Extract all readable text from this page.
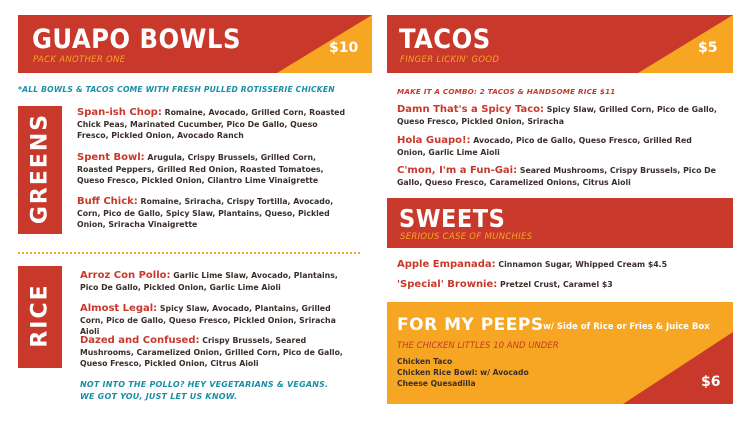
GUAPO BOWLS
PACK ANOTHER ONE
$10
*ALL BOWLS & TACOS COME WITH FRESH PULLED ROTISSERIE CHICKEN
GREENS
Span-ish Chop: Romaine, Avocado, Grilled Corn, Roasted Chick Peas, Marinated Cucumber, Pico De Gallo, Queso Fresco, Pickled Onion, Avocado Ranch
Spent Bowl: Arugula, Crispy Brussels, Grilled Corn, Roasted Peppers, Grilled Red Onion, Roasted Tomatoes, Queso Fresco, Pickled Onion, Cilantro Lime Vinaigrette
Buff Chick: Romaine, Sriracha, Crispy Tortilla, Avocado, Corn, Pico de Gallo, Spicy Slaw, Plantains, Queso, Pickled Onion, Sriracha Vinaigrette
RICE
Arroz Con Pollo: Garlic Lime Slaw, Avocado, Plantains, Pico De Gallo, Pickled Onion, Garlic Lime Aioli
Almost Legal: Spicy Slaw, Avocado, Plantains, Grilled Corn, Pico de Gallo, Queso Fresco, Pickled Onion, Sriracha Aioli
Dazed and Confused: Crispy Brussels, Seared Mushrooms, Caramelized Onion, Grilled Corn, Pico de Gallo, Queso Fresco, Pickled Onion, Citrus Aioli
NOT INTO THE POLLO? HEY VEGETARIANS & VEGANS. WE GOT YOU, JUST LET US KNOW.
TACOS
FINGER LICKIN' GOOD
$5
MAKE IT A COMBO: 2 TACOS & HANDSOME RICE $11
Damn That's a Spicy Taco: Spicy Slaw, Grilled Corn, Pico de Gallo, Queso Fresco, Pickled Onion, Sriracha
Hola Guapo!: Avocado, Pico de Gallo, Queso Fresco, Grilled Red Onion, Garlic Lime Aioli
C'mon, I'm a Fun-Gai: Seared Mushrooms, Crispy Brussels, Pico De Gallo, Queso Fresco, Caramelized Onions, Citrus Aioli
SWEETS
SERIOUS CASE OF MUNCHIES
Apple Empanada: Cinnamon Sugar, Whipped Cream $4.5
'Special' Brownie: Pretzel Crust, Caramel $3
FOR MY PEEPS w/ Side of Rice or Fries & Juice Box
THE CHICKEN LITTLES 10 AND UNDER
Chicken Taco
Chicken Rice Bowl: w/ Avocado
Cheese Quesadilla	$6
